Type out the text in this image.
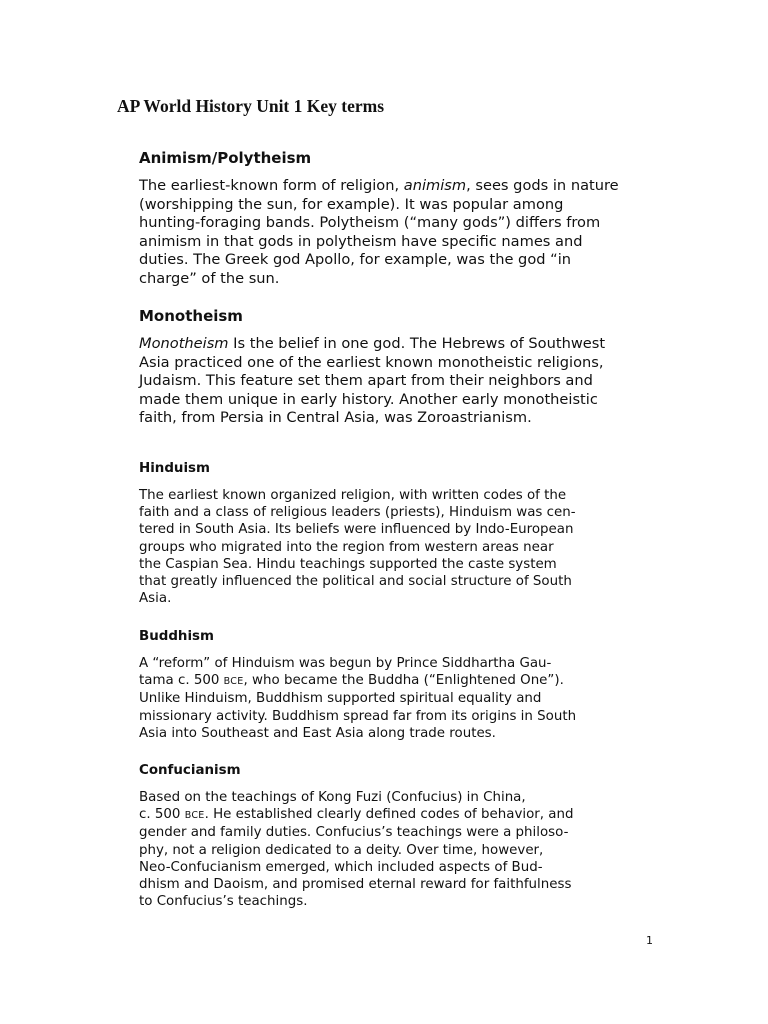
AP World History Unit 1 Key terms
Animism/Polytheism

The earliest-known form of religion, animism, sees gods in nature
(worshipping the sun, for example). It was popular among
hunting-foraging bands. Polytheism (“many gods”) differs from
animism in that gods in polytheism have specific names and
duties. The Greek god Apollo, for example, was the god “in
charge” of the sun.

Monotheism

Monotheism Is the belief in one god. The Hebrews of Southwest
Asia practiced one of the earliest known monotheistic religions,
Judaism. This feature set them apart from their neighbors and
made them unique in early history. Another early monotheistic
faith, from Persia in Central Asia, was Zoroastrianism.

Hinduism

The earliest known organized religion, with written codes of the
faith and a class of religious leaders (priests), Hinduism was cen-
tered in South Asia. Its beliefs were influenced by Indo-European
groups who migrated into the region from western areas near
the Caspian Sea. Hindu teachings supported the caste system
that greatly influenced the political and social structure of South
Asia.

Buddhism

A “reform” of Hinduism was begun by Prince Siddhartha Gau-
tama c. 500 BCE, who became the Buddha (“Enlightened One”).
Unlike Hinduism, Buddhism supported spiritual equality and
missionary activity. Buddhism spread far from its origins in South
Asia into Southeast and East Asia along trade routes.

Confucianism

Based on the teachings of Kong Fuzi (Confucius) in China,
c. 500 BCE. He established clearly defined codes of behavior, and
gender and family duties. Confucius’s teachings were a philoso-
phy, not a religion dedicated to a deity. Over time, however,
Neo-Confucianism emerged, which included aspects of Bud-
dhism and Daoism, and promised eternal reward for faithfulness
to Confucius’s teachings.

1
